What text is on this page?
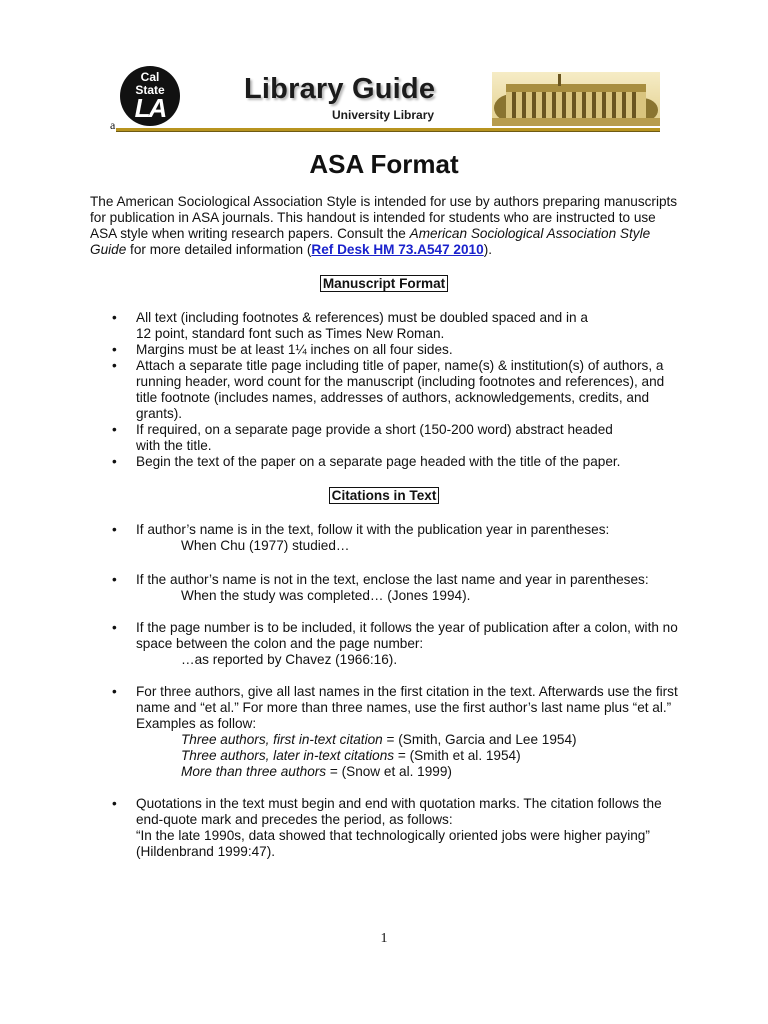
Cal
State
LA
a
Library Guide
University Library
ASA Format

The American Sociological Association Style is intended for use by authors preparing manuscripts for publication in ASA journals. This handout is intended for students who are instructed to use ASA style when writing research papers. Consult the American Sociological Association Style Guide for more detailed information (Ref Desk HM 73.A547 2010).

Manuscript Format
• All text (including footnotes & references) must be doubled spaced and in a
12 point, standard font such as Times New Roman.
• Margins must be at least 1¼ inches on all four sides.
• Attach a separate title page including title of paper, name(s) & institution(s) of authors, a running header, word count for the manuscript (including footnotes and references), and title footnote (includes names, addresses of authors, acknowledgements, credits, and grants).
• If required, on a separate page provide a short (150-200 word) abstract headed
with the title.
• Begin the text of the paper on a separate page headed with the title of the paper.
Citations in Text
• If author’s name is in the text, follow it with the publication year in parentheses:

When Chu (1977) studied…
• If the author’s name is not in the text, enclose the last name and year in parentheses:

When the study was completed… (Jones 1994).
• If the page number is to be included, it follows the year of publication after a colon, with no space between the colon and the page number:

…as reported by Chavez (1966:16).
• For three authors, give all last names in the first citation in the text. Afterwards use the first name and “et al.” For more than three names, use the first author’s last name plus “et al.” Examples as follow:

Three authors, first in-text citation = (Smith, Garcia and Lee 1954)
Three authors, later in-text citations = (Smith et al. 1954)
More than three authors = (Snow et al. 1999)
• Quotations in the text must begin and end with quotation marks. The citation follows the end-quote mark and precedes the period, as follows:
“In the late 1990s, data showed that technologically oriented jobs were higher paying” (Hildenbrand 1999:47).
1
